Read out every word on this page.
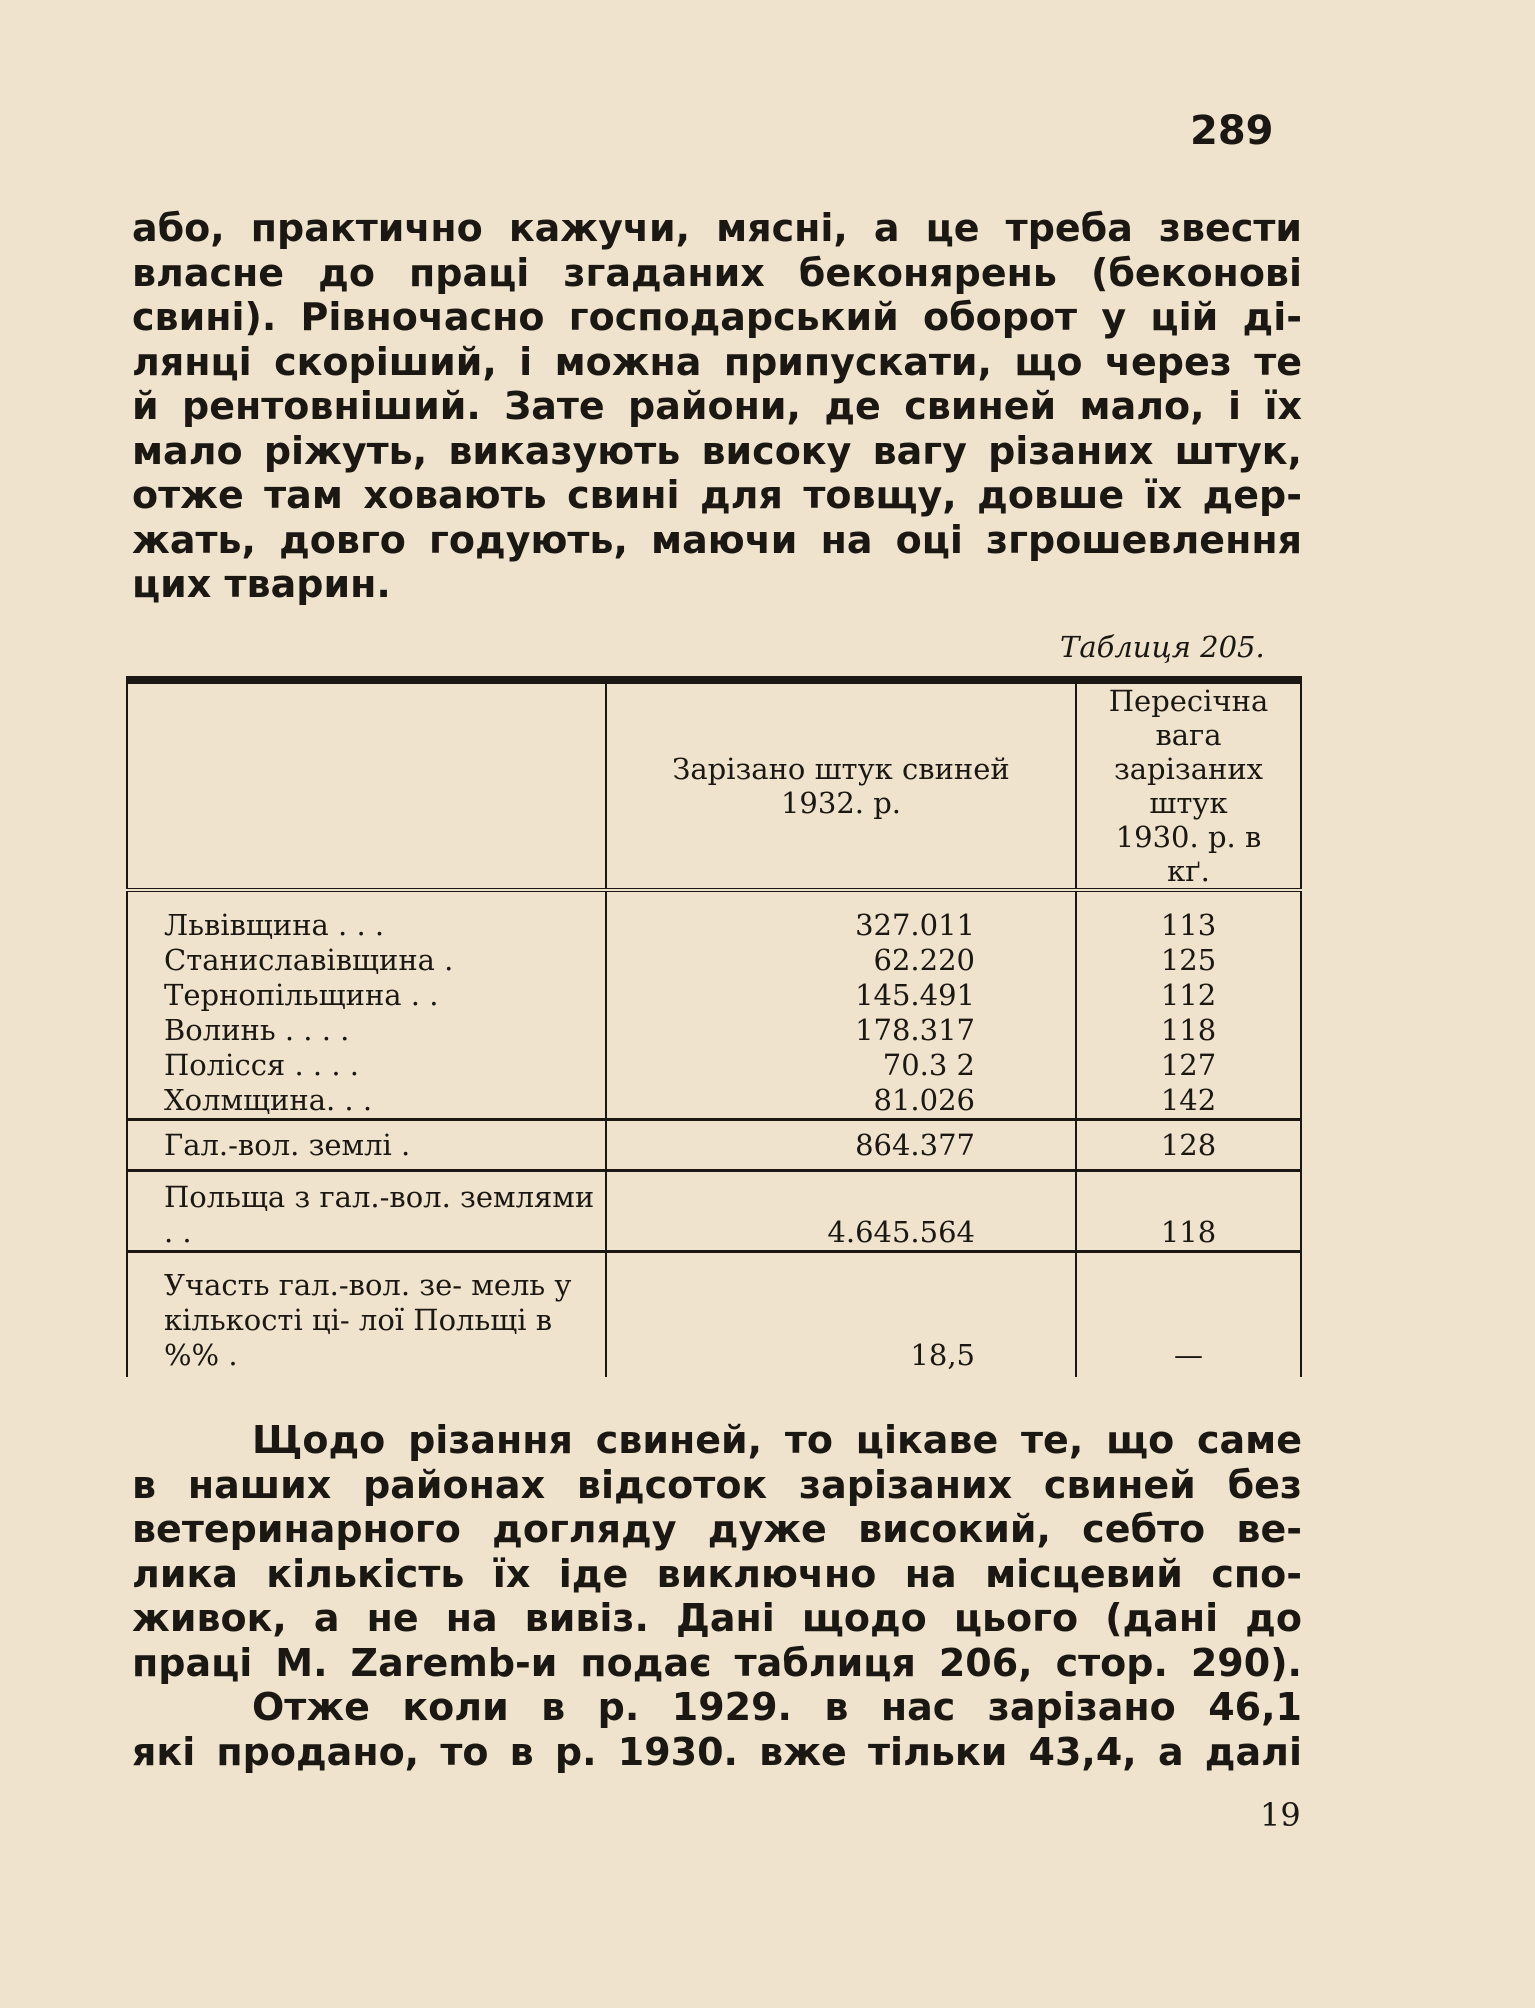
289

або, практично кажучи, мясні, а це треба звести
власне до праці згаданих беконярень (беконові
свині). Рівночасно господарський оборот у цій ді-
лянці скоріший, і можна припускати, що через те
й рентовніший. Зате райони, де свиней мало, і їх
мало ріжуть, виказують високу вагу різаних штук,
отже там ховають свині для товщу, довше їх дер-
жать, довго годують, маючи на оці згрошевлення
цих тварин.

Таблиця 205.
	Зарізано штук свиней 1932. р.	Пересічна вага зарізаних штук 1930. р. в кґ.
Львівщина . . .	327.011	113
Станиславівщина .	62.220	125
Тернопільщина . .	145.491	112
Волинь . . . .	178.317	118
Полісся . . . .	70.3 2	127
Холмщина. . .	81.026	142
Гал.-вол. землі .	864.377	128
Польща з гал.-вол. землями . .	4.645.564	118
Участь гал.-вол. зе- мель у кількості ці- лої Польщі в %% .	18,5	—

Щодо різання свиней, то цікаве те, що саме
в наших районах відсоток зарізаних свиней без
ветеринарного догляду дуже високий, себто ве-
лика кількість їх іде виключно на місцевий спо-
живок, а не на вивіз. Дані щодо цього (дані до
праці M. Zaremb-и подає таблиця 206, стор. 290).
Отже коли в р. 1929. в нас зарізано 46,1
які продано, то в р. 1930. вже тільки 43,4, а далі

19
